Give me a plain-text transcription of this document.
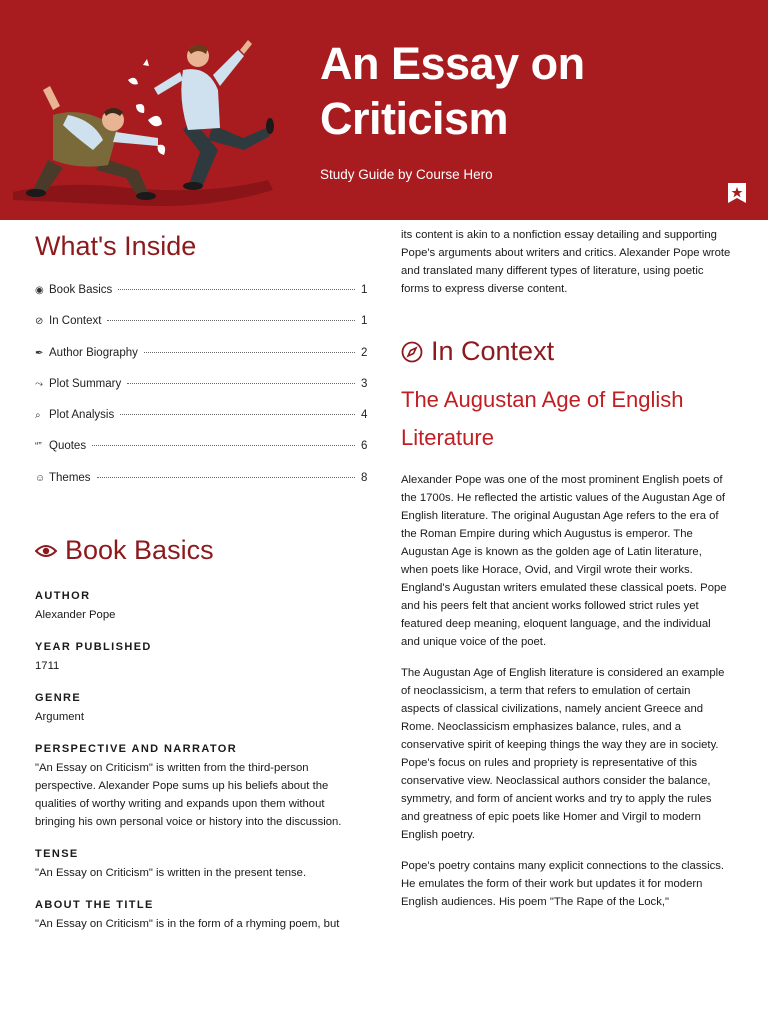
An Essay on
Criticism
Study Guide by Course Hero
What's Inside
◉ Book Basics	1
⊘ In Context	1
✒ Author Biography	2
⤳ Plot Summary	3
⌕ Plot Analysis	4
“” Quotes	6
☺ Themes	8
Book Basics
AUTHOR
Alexander Pope
YEAR PUBLISHED
1711
GENRE
Argument
PERSPECTIVE AND NARRATOR
"An Essay on Criticism" is written from the third-person perspective. Alexander Pope sums up his beliefs about the qualities of worthy writing and expands upon them without bringing his own personal voice or history into the discussion.
TENSE
"An Essay on Criticism" is written in the present tense.
ABOUT THE TITLE
"An Essay on Criticism" is in the form of a rhyming poem, but

its content is akin to a nonfiction essay detailing and supporting Pope's arguments about writers and critics. Alexander Pope wrote and translated many different types of literature, using poetic forms to express diverse content.

In Context
The Augustan Age of English Literature

Alexander Pope was one of the most prominent English poets of the 1700s. He reflected the artistic values of the Augustan Age of English literature. The original Augustan Age refers to the era of the Roman Empire during which Augustus is emperor. The Augustan Age is known as the golden age of Latin literature, when poets like Horace, Ovid, and Virgil wrote their works. England's Augustan writers emulated these classical poets. Pope and his peers felt that ancient works followed strict rules yet featured deep meaning, eloquent language, and the individual and unique voice of the poet.

The Augustan Age of English literature is considered an example of neoclassicism, a term that refers to emulation of certain aspects of classical civilizations, namely ancient Greece and Rome. Neoclassicism emphasizes balance, rules, and a conservative spirit of keeping things the way they are in society. Pope's focus on rules and propriety is representative of this conservative view. Neoclassical authors consider the balance, symmetry, and form of ancient works and try to apply the rules and greatness of epic poets like Homer and Virgil to modern English poetry.

Pope's poetry contains many explicit connections to the classics. He emulates the form of their work but updates it for modern English audiences. His poem "The Rape of the Lock,"
